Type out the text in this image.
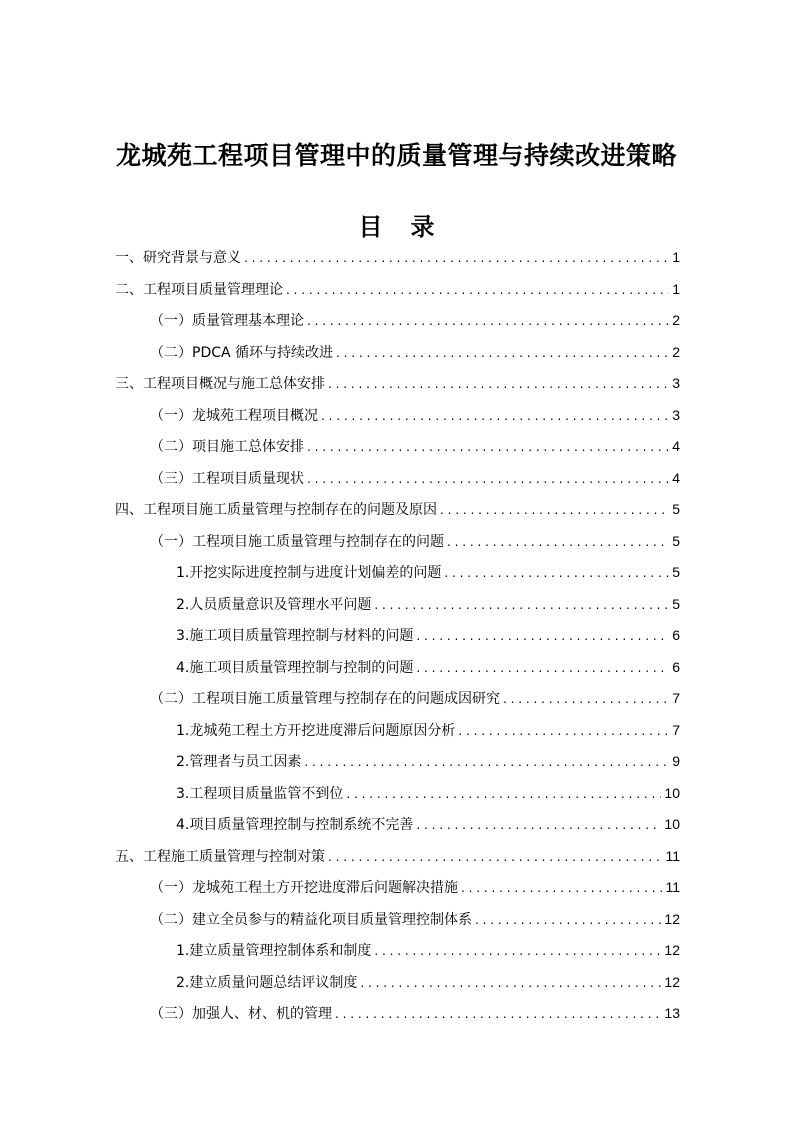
龙城苑工程项目管理中的质量管理与持续改进策略
目 录
一、研究背景与意义 . . .	1
二、工程项目质量管理理论 . . .	1
（一）质量管理基本理论 . . .	2
（二）PDCA 循环与持续改进 . . .	2
三、工程项目概况与施工总体安排 . . .	3
（一）龙城苑工程项目概况 . . .	3
（二）项目施工总体安排 . . .	4
（三）工程项目质量现状 . . .	4
四、工程项目施工质量管理与控制存在的问题及原因 . . .	5
（一）工程项目施工质量管理与控制存在的问题 . . .	5
1.开挖实际进度控制与进度计划偏差的问题 . . .	5
2.人员质量意识及管理水平问题 . . .	5
3.施工项目质量管理控制与材料的问题 . . .	6
4.施工项目质量管理控制与控制的问题 . . .	6
（二）工程项目施工质量管理与控制存在的问题成因研究 . . .	7
1.龙城苑工程土方开挖进度滞后问题原因分析 . . .	7
2.管理者与员工因素 . . .	9
3.工程项目质量监管不到位 . . .	10
4.项目质量管理控制与控制系统不完善 . . .	10
五、工程施工质量管理与控制对策 . . .	11
（一）龙城苑工程土方开挖进度滞后问题解决措施 . . .	11
（二）建立全员参与的精益化项目质量管理控制体系 . . .	12
1.建立质量管理控制体系和制度 . . .	12
2.建立质量问题总结评议制度 . . .	12
（三）加强人、材、机的管理 . . .	13
